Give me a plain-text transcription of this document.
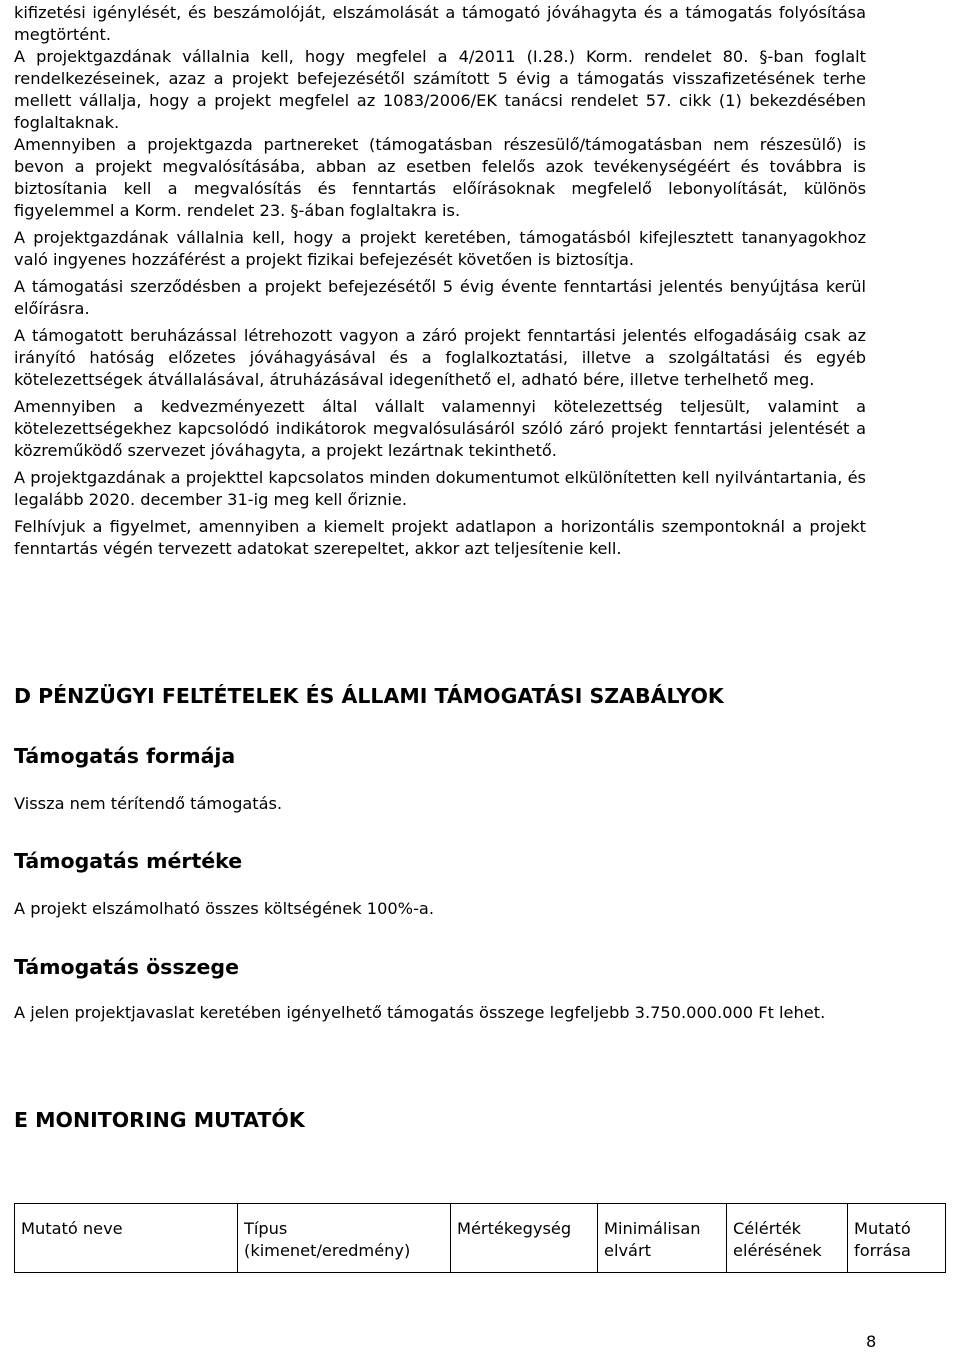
kifizetési igénylését, és beszámolóját, elszámolását a támogató jóváhagyta és a támogatás folyósítása megtörtént.

A projektgazdának vállalnia kell, hogy megfelel a 4/2011 (I.28.) Korm. rendelet 80. §-ban foglalt rendelkezéseinek, azaz a projekt befejezésétől számított 5 évig a támogatás visszafizetésének terhe mellett vállalja, hogy a projekt megfelel az 1083/2006/EK tanácsi rendelet 57. cikk (1) bekezdésében foglaltaknak.

Amennyiben a projektgazda partnereket (támogatásban részesülő/támogatásban nem részesülő) is bevon a projekt megvalósításába, abban az esetben felelős azok tevékenységéért és továbbra is biztosítania kell a megvalósítás és fenntartás előírásoknak megfelelő lebonyolítását, különös figyelemmel a Korm. rendelet 23. §-ában foglaltakra is.

A projektgazdának vállalnia kell, hogy a projekt keretében, támogatásból kifejlesztett tananyagokhoz való ingyenes hozzáférést a projekt fizikai befejezését követően is biztosítja.

A támogatási szerződésben a projekt befejezésétől 5 évig évente fenntartási jelentés benyújtása kerül előírásra.

A támogatott beruházással létrehozott vagyon a záró projekt fenntartási jelentés elfogadásáig csak az irányító hatóság előzetes jóváhagyásával és a foglalkoztatási, illetve a szolgáltatási és egyéb kötelezettségek átvállalásával, átruházásával idegeníthető el, adható bére, illetve terhelhető meg.

Amennyiben a kedvezményezett által vállalt valamennyi kötelezettség teljesült, valamint a kötelezettségekhez kapcsolódó indikátorok megvalósulásáról szóló záró projekt fenntartási jelentését a közreműködő szervezet jóváhagyta, a projekt lezártnak tekinthető.

A projektgazdának a projekttel kapcsolatos minden dokumentumot elkülönítetten kell nyilvántartania, és legalább 2020. december 31-ig meg kell őriznie.

Felhívjuk a figyelmet, amennyiben a kiemelt projekt adatlapon a horizontális szempontoknál a projekt fenntartás végén tervezett adatokat szerepeltet, akkor azt teljesítenie kell.

D PÉNZÜGYI FELTÉTELEK ÉS ÁLLAMI TÁMOGATÁSI SZABÁLYOK
Támogatás formája

Vissza nem térítendő támogatás.

Támogatás mértéke

A projekt elszámolható összes költségének 100%-a.

Támogatás összege

A jelen projektjavaslat keretében igényelhető támogatás összege legfeljebb 3.750.000.000 Ft lehet.

E MONITORING MUTATÓK
Mutató neve	Típus (kimenet/eredmény)	Mértékegység	Minimálisan elvárt	Célérték elérésének	Mutató forrása
8
